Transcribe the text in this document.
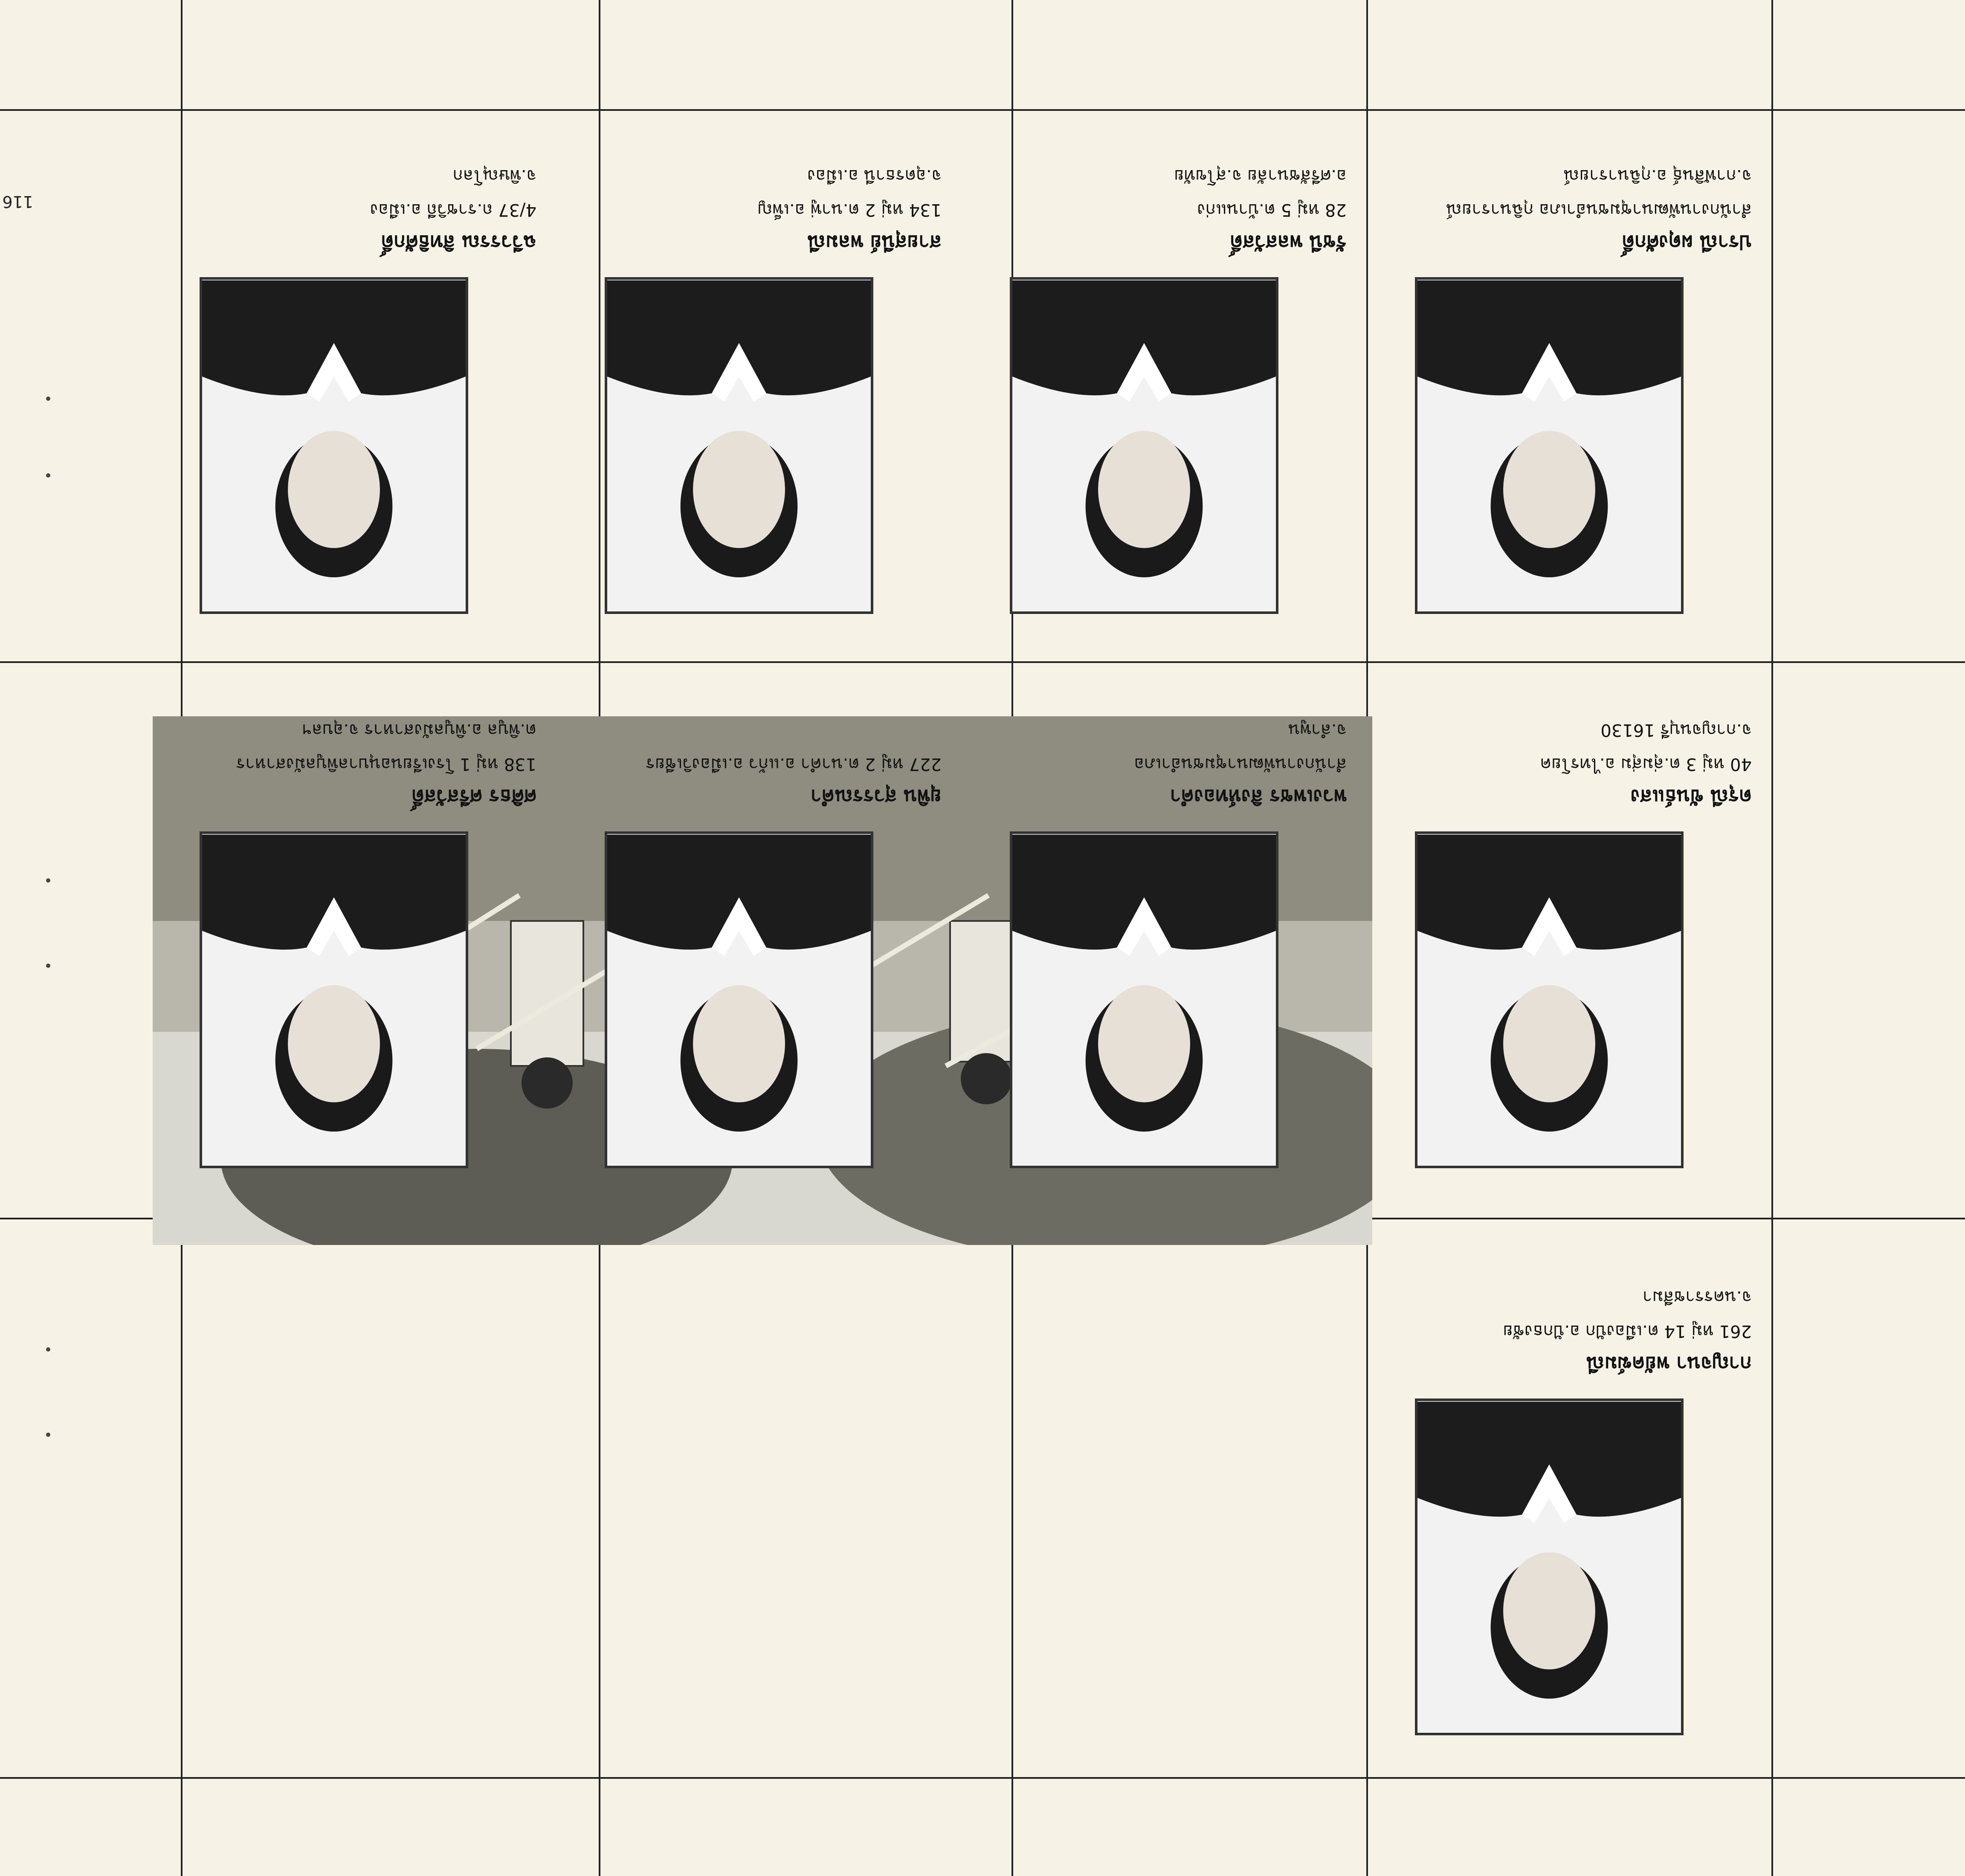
116
กาญจนา พยัคฆ์มณี
261 หมู่ 14 ต.เมืองปัก อ.ปักธงชัย
จ.นครราชสีมา
ดรุณี ขันธ์แสง
40 หมู่ 3 ต.ลุ่มสุ่ม อ.ไทรโยค
จ.กาญจนบุรี 16130
พวงเพชร สิงห์ทองคำ
สำนักงานพัฒนาชุมชนอำเภอ
จ.ลำพูน
ยุพิน สุวรรณคำ
227 หมู่ 2 ต.นาคำ อ.แก้ว อ.เมืองวิเชียร
ศศิธร ศรีสวัสดิ์
138 หมู่ 1 โรงเรียนอนุบาลพิบูลมังสาหาร
ต.พิบูล อ.พิบูลมังสาหาร จ.อุบลฯ
ปราณี ผดุงศักดิ์
สำนักงานพัฒนาชุมชนอำเภอ กุฉินารายณ์
จ.กาฬสินธุ์ อ.กุฉินารายณ์
รัชนี พลสวัสดิ์
28 หมู่ 5 ต.บ้านแก่ง
อ.ศรีสัชนาลัย จ.สุโขทัย
สายสุนีย์ พลมณี
134 หมู่ 2 ต.นาพู่ อ.เพ็ญ
จ.อุดรธานี อ.เมือง
ฉวีวรรณ สิทธิศักดิ์
4/37 ถ.ราชวิถี อ.เมือง
จ.พิษณุโลก
